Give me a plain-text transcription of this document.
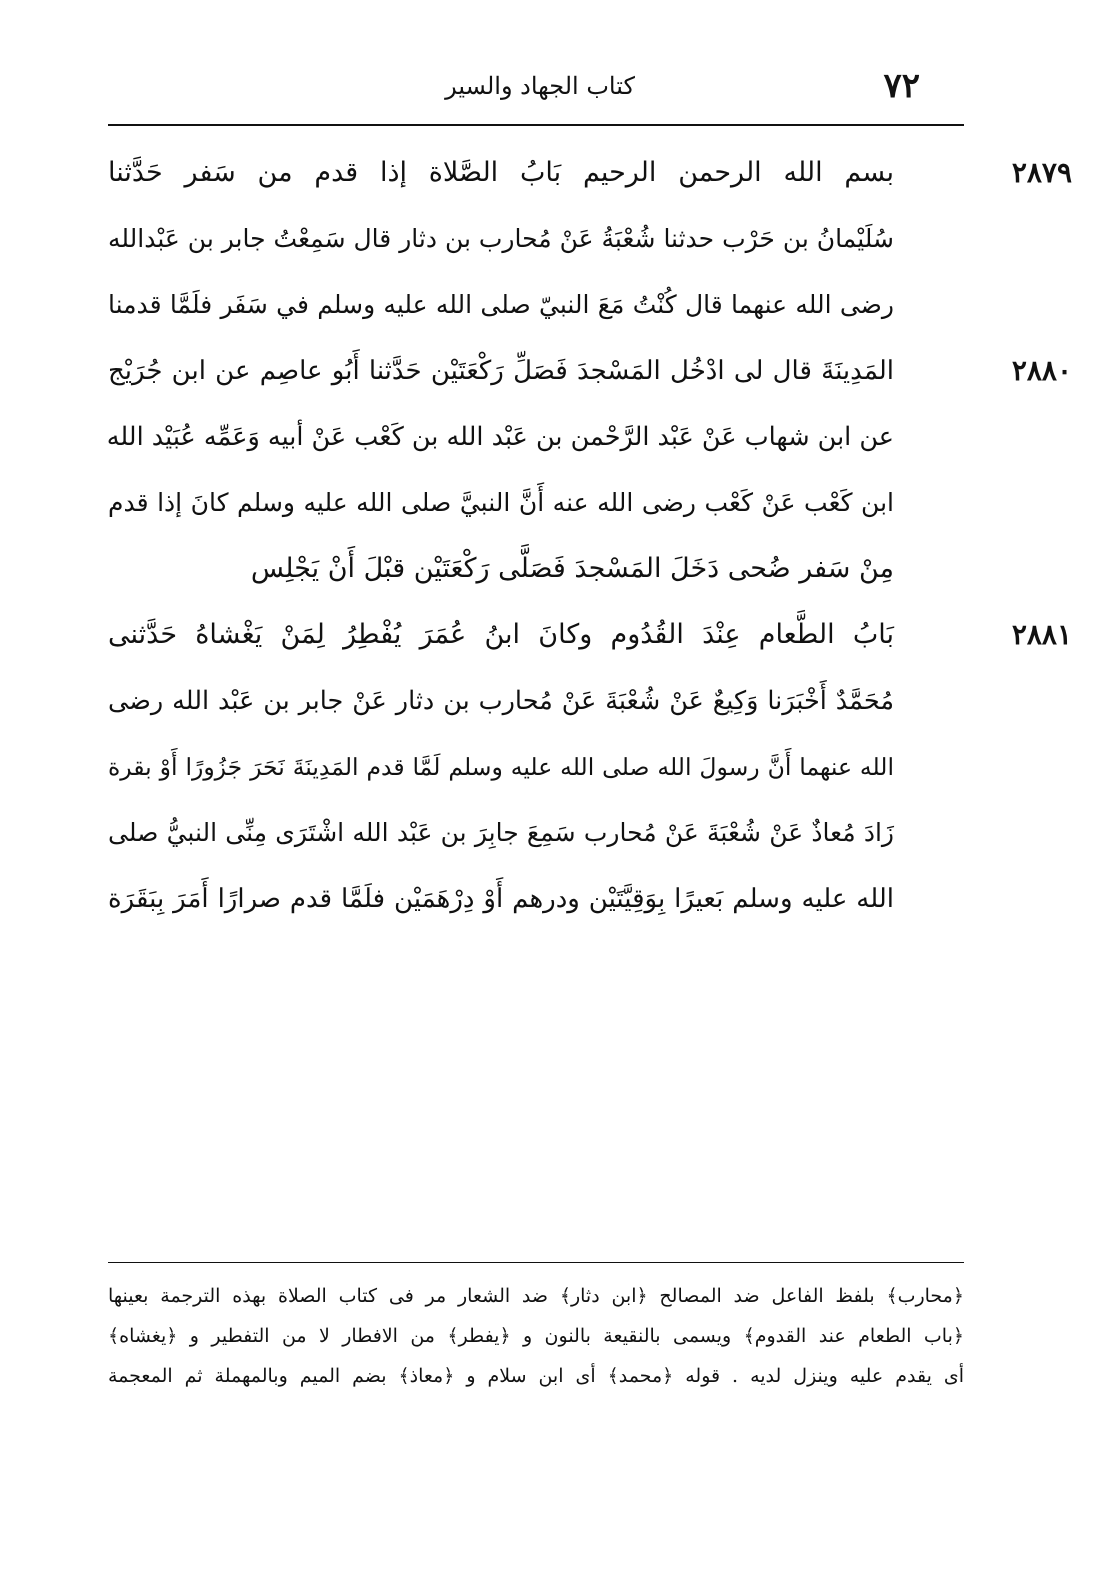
٧٢
كتاب الجهاد والسير
٢٨٧٩
بسم الله الرحمن الرحيم بَابُ الصَّلاة إذا قدم من سَفر حَدَّثنا
سُلَيْمانُ بن حَرْب حدثنا شُعْبَةُ عَنْ مُحارب بن دثار قال سَمِعْتُ جابر بن عَبْدالله
رضى الله عنهما قال كُنْتُ مَعَ النبيّ صلى الله عليه وسلم في سَفَر فلَمَّا قدمنا
٢٨٨٠
المَدِينَةَ قال لى ادْخُل المَسْجدَ فَصَلِّ رَكْعَتَيْن حَدَّثنا أَبُو عاصِم عن ابن جُرَيْج
عن ابن شهاب عَنْ عَبْد الرَّحْمن بن عَبْد الله بن كَعْب عَنْ أبيه وَعَمِّه عُبَيْد الله
ابن كَعْب عَنْ كَعْب رضى الله عنه أَنَّ النبيَّ صلى الله عليه وسلم كانَ إذا قدم
مِنْ سَفر ضُحى دَخَلَ المَسْجدَ فَصَلَّى رَكْعَتَيْن قبْلَ أَنْ يَجْلِس
٢٨٨١
بَابُ الطَّعام عِنْدَ القُدُوم وكانَ ابنُ عُمَرَ يُفْطِرُ لِمَنْ يَغْشاهُ حَدَّثنى
مُحَمَّدٌ أَخْبَرَنا وَكِيعٌ عَنْ شُعْبَةَ عَنْ مُحارب بن دثار عَنْ جابر بن عَبْد الله رضى
الله عنهما أَنَّ رسولَ الله صلى الله عليه وسلم لَمَّا قدم المَدِينَةَ نَحَرَ جَزُورًا أَوْ بقرة
زَادَ مُعاذٌ عَنْ شُعْبَةَ عَنْ مُحارب سَمِعَ جابِرَ بن عَبْد الله اشْتَرَى مِنِّى النبيُّ صلى
الله عليه وسلم بَعيرًا بِوَقِيَّتَيْن ودرهم أَوْ دِرْهَمَيْن فلَمَّا قدم صرارًا أَمَرَ بِبَقَرَة
﴿محارب﴾ بلفظ الفاعل ضد المصالح ﴿ابن دثار﴾ ضد الشعار مر فى كتاب الصلاة بهذه الترجمة بعينها
﴿باب الطعام عند القدوم﴾ ويسمى بالنقيعة بالنون و ﴿يفطر﴾ من الافطار لا من التفطير و ﴿يغشاه﴾
أى يقدم عليه وينزل لديه . قوله ﴿محمد﴾ أى ابن سلام و ﴿معاذ﴾ بضم الميم وبالمهملة ثم المعجمة
